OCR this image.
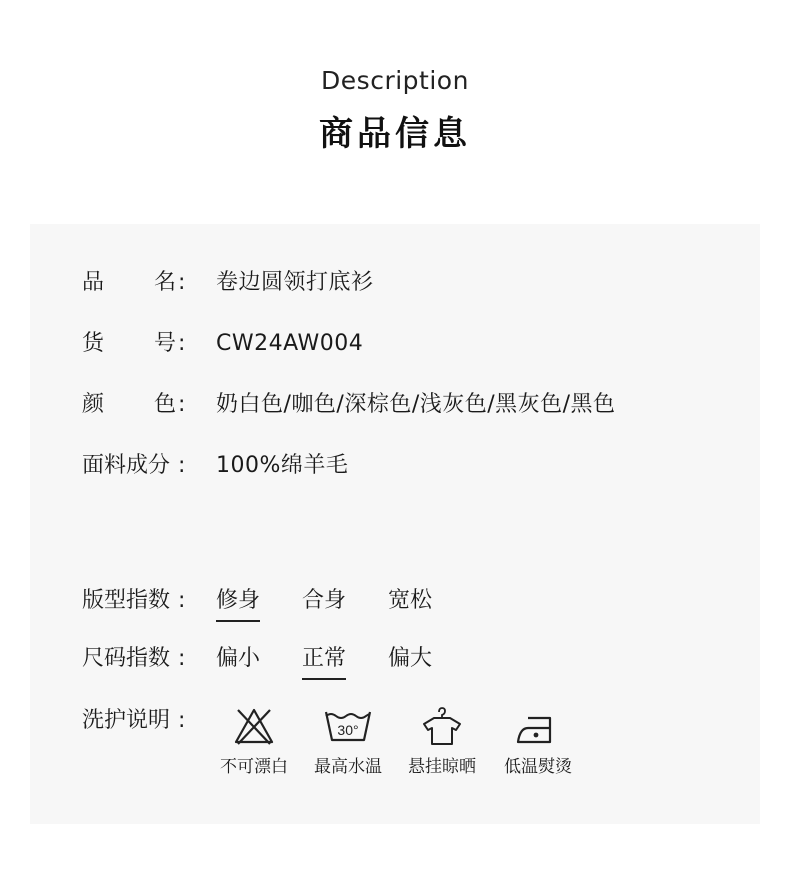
Description
商品信息
品 名 : 卷边圆领打底衫
货 号 : CW24AW004
颜 色 : 奶白色/咖色/深棕色/浅灰色/黑灰色/黑色
面料成分 : 100%绵羊毛
版型指数 : 修身 合身 宽松
尺码指数 : 偏小 正常 偏大
洗护说明 :
不可漂白
30°
最高水温	悬挂晾晒	低温熨烫
